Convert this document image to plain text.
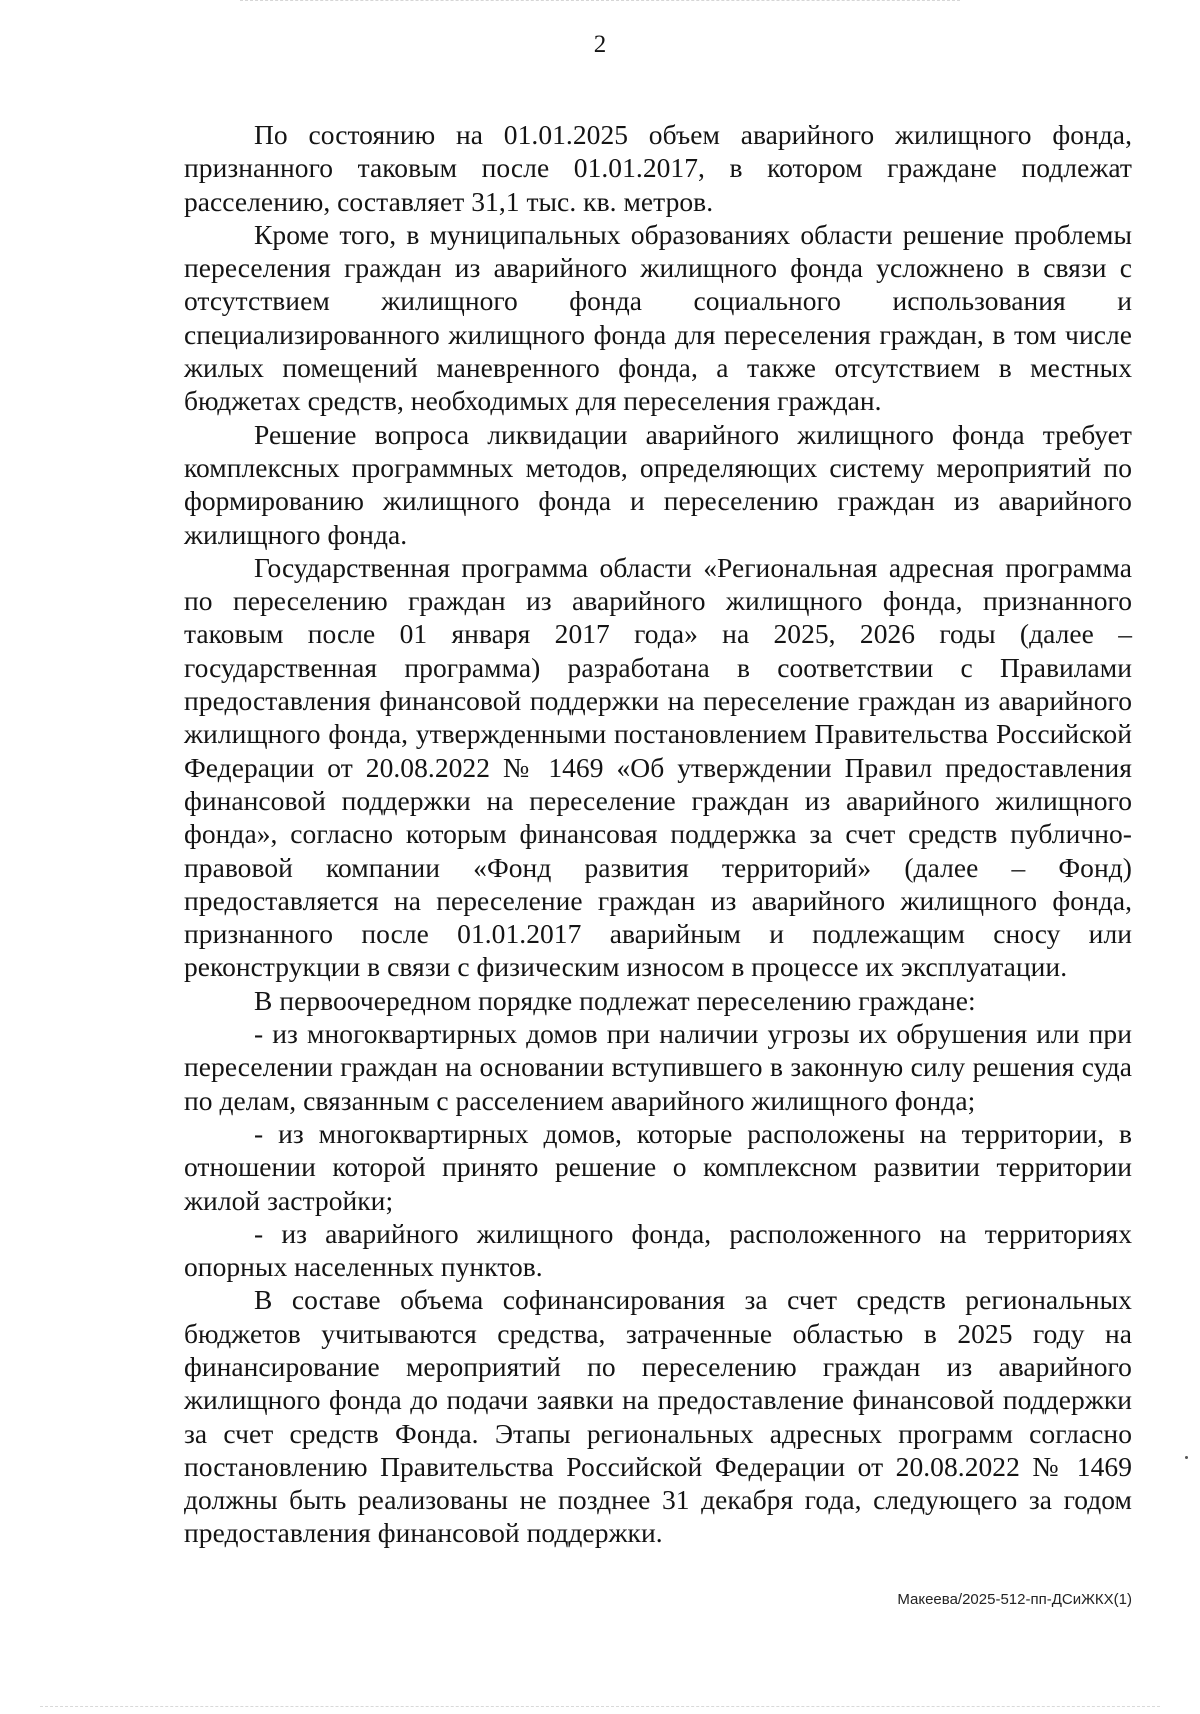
2

По состоянию на 01.01.2025 объем аварийного жилищного фонда, признанного таковым после 01.01.2017, в котором граждане подлежат расселению, составляет 31,1 тыс. кв. метров.

Кроме того, в муниципальных образованиях области решение проблемы переселения граждан из аварийного жилищного фонда усложнено в связи с отсутствием жилищного фонда социального использования и специализированного жилищного фонда для переселения граждан, в том числе жилых помещений маневренного фонда, а также отсутствием в местных бюджетах средств, необходимых для переселения граждан.

Решение вопроса ликвидации аварийного жилищного фонда требует комплексных программных методов, определяющих систему мероприятий по формированию жилищного фонда и переселению граждан из аварийного жилищного фонда.

Государственная программа области «Региональная адресная программа по переселению граждан из аварийного жилищного фонда, признанного таковым после 01 января 2017 года» на 2025, 2026 годы (далее – государственная программа) разработана в соответствии с Правилами предоставления финансовой поддержки на переселение граждан из аварийного жилищного фонда, утвержденными постановлением Правительства Российской Федерации от 20.08.2022 № 1469 «Об утверждении Правил предоставления финансовой поддержки на переселение граждан из аварийного жилищного фонда», согласно которым финансовая поддержка за счет средств публично-правовой компании «Фонд развития территорий» (далее – Фонд) предоставляется на переселение граждан из аварийного жилищного фонда, признанного после 01.01.2017 аварийным и подлежащим сносу или реконструкции в связи с физическим износом в процессе их эксплуатации.

В первоочередном порядке подлежат переселению граждане:

- из многоквартирных домов при наличии угрозы их обрушения или при переселении граждан на основании вступившего в законную силу решения суда по делам, связанным с расселением аварийного жилищного фонда;

- из многоквартирных домов, которые расположены на территории, в отношении которой принято решение о комплексном развитии территории жилой застройки;

- из аварийного жилищного фонда, расположенного на территориях опорных населенных пунктов.

В составе объема софинансирования за счет средств региональных бюджетов учитываются средства, затраченные областью в 2025 году на финансирование мероприятий по переселению граждан из аварийного жилищного фонда до подачи заявки на предоставление финансовой поддержки за счет средств Фонда. Этапы региональных адресных программ согласно постановлению Правительства Российской Федерации от 20.08.2022 № 1469 должны быть реализованы не позднее 31 декабря года, следующего за годом предоставления финансовой поддержки.

Макеева/2025-512-пп-ДСиЖКХ(1)
